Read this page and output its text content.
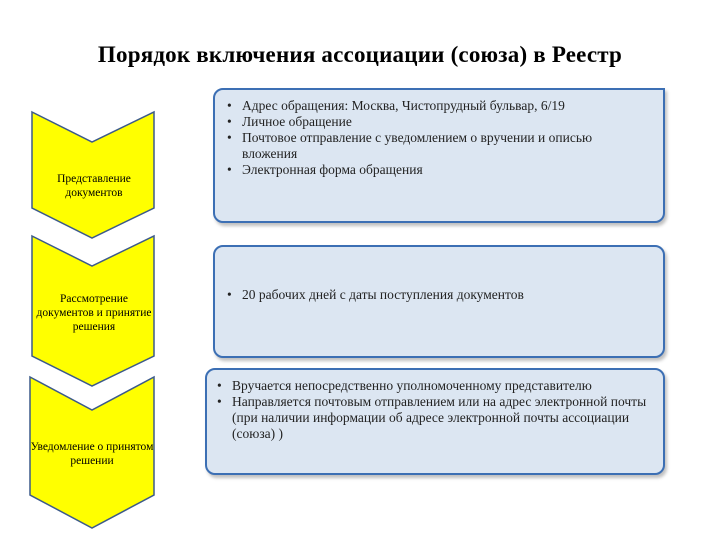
Порядок включения ассоциации (союза) в Реестр
Представление документов
Рассмотрение документов и принятие решения
Уведомление о принятом решении
• Адрес обращения: Москва, Чистопрудный бульвар, 6/19
• Личное обращение
• Почтовое отправление с уведомлением о вручении и описью вложения
• Электронная форма обращения
• 20 рабочих дней с даты поступления документов
• Вручается непосредственно уполномоченному представителю
• Направляется почтовым отправлением или на адрес электронной почты (при наличии информации об адресе электронной почты ассоциации (союза) )
